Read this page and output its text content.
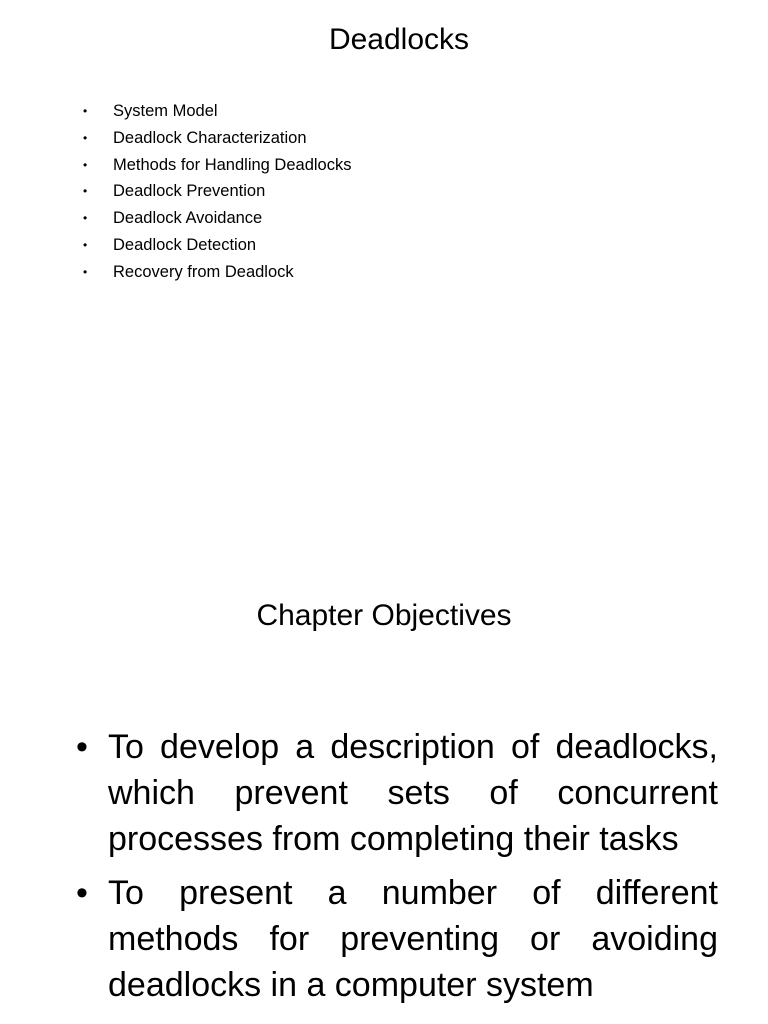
Deadlocks
• System Model
• Deadlock Characterization
• Methods for Handling Deadlocks
• Deadlock Prevention
• Deadlock Avoidance
• Deadlock Detection
• Recovery from Deadlock
Chapter Objectives
• To develop a description of deadlocks, which prevent sets of concurrent processes from completing their tasks
• To present a number of different methods for preventing or avoiding deadlocks in a computer system
